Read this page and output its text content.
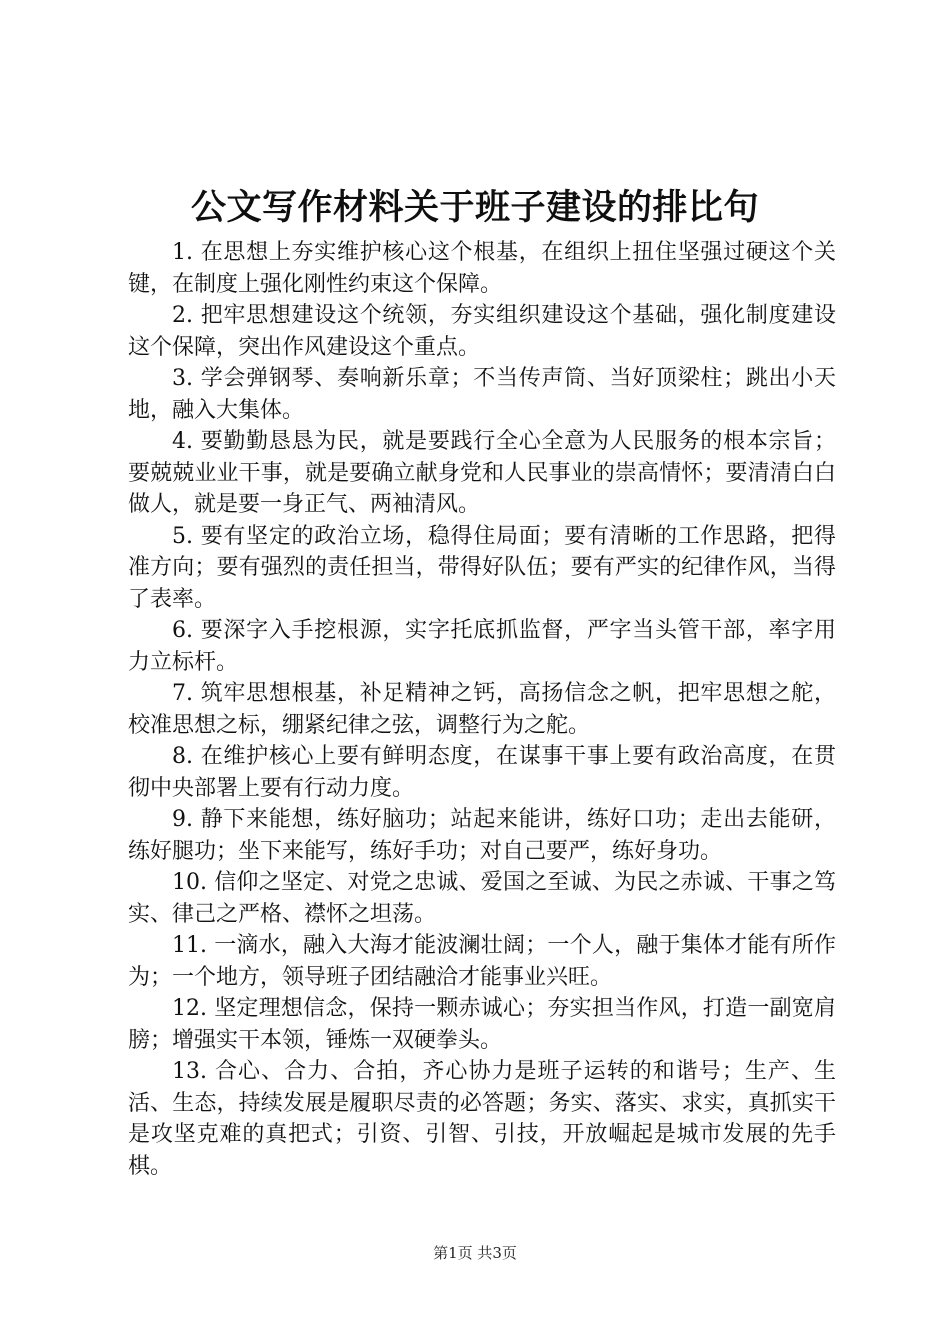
公文写作材料关于班子建设的排比句

1. 在思想上夯实维护核心这个根基，在组织上扭住坚强过硬这个关键，在制度上强化刚性约束这个保障。

2. 把牢思想建设这个统领，夯实组织建设这个基础，强化制度建设这个保障，突出作风建设这个重点。

3. 学会弹钢琴、奏响新乐章；不当传声筒、当好顶梁柱；跳出小天地，融入大集体。

4. 要勤勤恳恳为民，就是要践行全心全意为人民服务的根本宗旨；要兢兢业业干事，就是要确立献身党和人民事业的崇高情怀；要清清白白做人，就是要一身正气、两袖清风。

5. 要有坚定的政治立场，稳得住局面；要有清晰的工作思路，把得准方向；要有强烈的责任担当，带得好队伍；要有严实的纪律作风，当得了表率。

6. 要深字入手挖根源，实字托底抓监督，严字当头管干部，率字用力立标杆。

7. 筑牢思想根基，补足精神之钙，高扬信念之帆，把牢思想之舵，校准思想之标，绷紧纪律之弦，调整行为之舵。

8. 在维护核心上要有鲜明态度，在谋事干事上要有政治高度，在贯彻中央部署上要有行动力度。

9. 静下来能想，练好脑功；站起来能讲，练好口功；走出去能研，练好腿功；坐下来能写，练好手功；对自己要严，练好身功。

10. 信仰之坚定、对党之忠诚、爱国之至诚、为民之赤诚、干事之笃实、律己之严格、襟怀之坦荡。

11. 一滴水，融入大海才能波澜壮阔；一个人，融于集体才能有所作为；一个地方，领导班子团结融洽才能事业兴旺。

12. 坚定理想信念，保持一颗赤诚心；夯实担当作风，打造一副宽肩膀；增强实干本领，锤炼一双硬拳头。

13. 合心、合力、合拍，齐心协力是班子运转的和谐号；生产、生活、生态，持续发展是履职尽责的必答题；务实、落实、求实，真抓实干是攻坚克难的真把式；引资、引智、引技，开放崛起是城市发展的先手棋。

第1页 共3页
